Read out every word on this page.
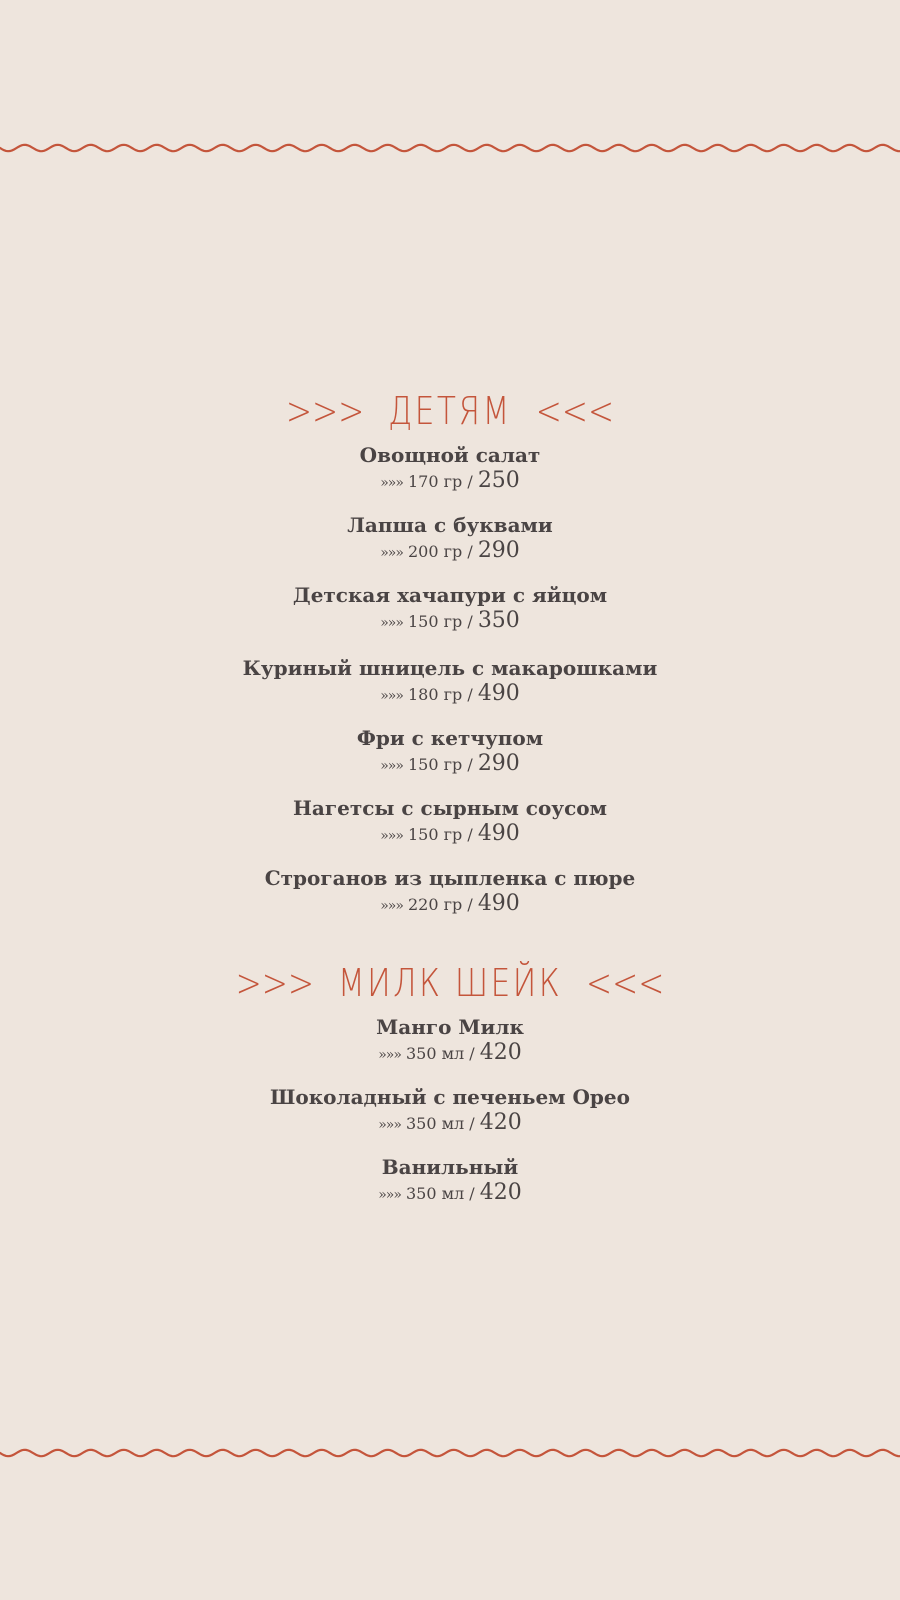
>>> ДЕТЯМ <<<
Овощной салат
»»» 170 гр / 250
Лапша с буквами
»»» 200 гр / 290
Детская хачапури с яйцом
»»» 150 гр / 350
Куриный шницель с макарошками
»»» 180 гр / 490
Фри с кетчупом
»»» 150 гр / 290
Нагетсы с сырным соусом
»»» 150 гр / 490
Строганов из цыпленка с пюре
»»» 220 гр / 490
>>> МИЛК ШЕЙК <<<
Манго Милк
»»» 350 мл / 420
Шоколадный с печеньем Орео
»»» 350 мл / 420
Ванильный
»»» 350 мл / 420
